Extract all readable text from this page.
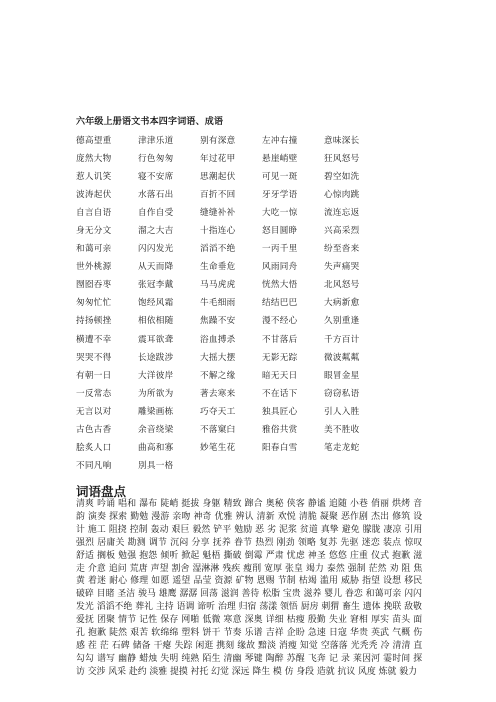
六年级上册语文书本四字词语、成语
德高望重	津津乐道	别有深意	左冲右撞	意味深长
庞然大物	行色匆匆	年过花甲	悬崖峭壁	狂风怒号
惹人讥笑	寝不安席	思潮起伏	可见一斑	碧空如洗
波涛起伏	水落石出	百折不回	牙牙学语	心惊肉跳
自言自语	自作自受	缝缝补补	大吃一惊	流连忘返
身无分文	溜之大吉	十指连心	怒目圆睁	兴高采烈
和蔼可亲	闪闪发光	滔滔不绝	一丙千里	纷至沓来
世外桃源	从天而降	生命垂危	风雨同舟	失声痛哭
囫囵吞枣	张冠李戴	马马虎虎	恍然大悟	北风怒号
匆匆忙忙	饱经风霜	牛毛细雨	结结巴巴	大病新愈
持扬顿挫	相依相随	焦躁不安	漫不经心	久别重逢
横遭不幸	震耳欲聋	浴血搏杀	不甘落后	千方百计
哭哭不得	长途跋涉	大摇大摆	无影无踪	微波粼粼
有朝一日	大洋彼岸	不解之缘	暗无天日	眼冒金星
一反常态	为所欲为	著去寒来	不在话下	窃窃私语
无言以对	雕梁画栋	巧夺天工	独具匠心	引人入胜
古色古香	余音绕梁	不落窠臼	雅俗共赏	美不胜收
脍炙人口	曲高和寡	妙笔生花	阳春白雪	笔走龙蛇
不同凡响	別具一格
词语盘点
清爽 吟诵 唱和 瀑布 陡峭 挺拔 身躯 精致 蹿合 奥秘 侠客 静谧 追随 小巷 俏丽 烘烤 音韵 演奏 探索 勤勉 漫游 亲吻 神奇 优雅 辨认 清新 欢悦 清脆 凝聚 恶作剧 杰出 修筑 设计 施工 阻挠 控制 轰动 艰巨 毅然 铲平 勉励 恶 劣 泥浆 贫道 真挚 避免 朦胧 凄凉 引用 强烈 居庸关 勘测 调节 沉闷 分享 抚养 眷节 热烈 刚劲 领略 复苏 先驱 迷恋 装点 惊叹 舒适 搁板 勉强 抱怨 倾听 掀起 魁梧 撕破 倒霉 严肃 忧虑 神圣 悠悠 庄重 仪式 抱歉 滋走 介意 追问 荒唐 声望 割舍 湿淋淋 残疾 瘦削 宽厚 张皇 竭力 泰然 强制 茫然 劝 阻 焦黄 着迷 耐心 修理 如愿 遥望 品莹 资源 矿物 恩赐 节制 枯竭 滥用 威胁 指望 设想 移民 破碎 目睹 圣洁 骏马 雄鹰 潺潺 回荡 滋润 善待 松脂 宝贵 滋养 婴儿 眷恋 和蔼可亲 闪闪发光 滔滔不绝 葬礼 主持 语调 谛听 治理 归宿 荡漾 领悟 厨房 刺猬 畜生 遗体 挽联 敌敬 爱抚 团聚 情节 记性 保存 网啪 低微 寒意 深奥 详细 枯瘦 殷勤 失业 窘相 厚实 苗头 面孔 抱歉 陡然 艰苦 软绵绵 塑料 饼干 节奏 乐谱 吉祥 企盼 急速 日寇 华贵 英武 气概 伤感 茬 茫 石碑 储备 干瘪 失踪 闲逛 携刻 缘故 黯淡 消瘦 知觉 空落落 光秃秃 冷 清清 直勾勾 谱写 幽静 蜡烛 失明 纯熟 陌生 清幽 琴键 陶醉 苏醒 飞奔 记 录 莱因河 霎时间 探访 交涉 风采 赴约 淡雅 提摸 衬托 幻觉 深远 降生 模 仿 身段 造就 抗议 风度 炼就 毅力
